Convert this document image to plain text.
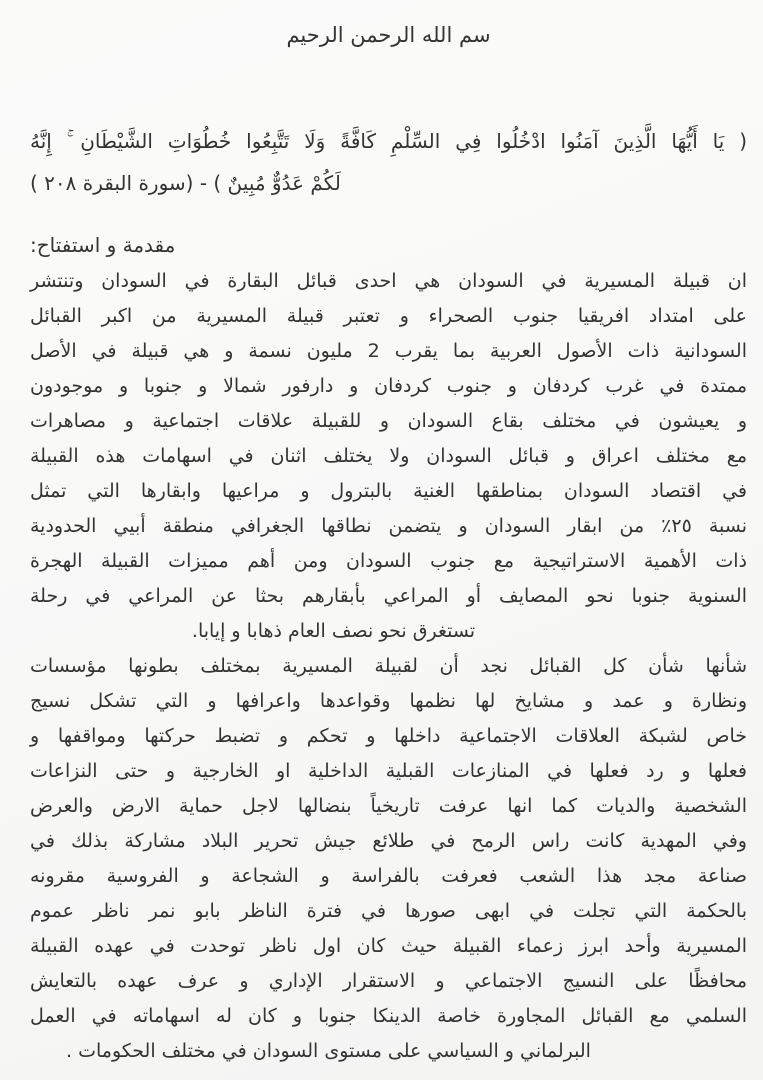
سم الله الرحمن الرحيم
( يَا أَيُّهَا الَّذِينَ آمَنُوا ادْخُلُوا فِي السِّلْمِ كَافَّةً وَلَا تَتَّبِعُوا خُطُوَاتِ الشَّيْطَانِ ۚ إِنَّهُ
لَكُمْ عَدُوٌّ مُبِينٌ ) - (سورة البقرة ٢٠٨ )
مقدمة و استفتاح:
ان قبيلة المسيرية في السودان هي احدى قبائل البقارة في السودان وتنتشر
على امتداد افريقيا جنوب الصحراء و تعتبر قبيلة المسيرية من اكبر القبائل
السودانية ذات الأصول العربية بما يقرب 2 مليون نسمة و هي قبيلة في الأصل
ممتدة في غرب كردفان و جنوب كردفان و دارفور شمالا و جنوبا و موجودون
و يعيشون في مختلف بقاع السودان و للقبيلة علاقات اجتماعية و مصاهرات
مع مختلف اعراق و قبائل السودان ولا يختلف اثنان في اسهامات هذه القبيلة
في اقتصاد السودان بمناطقها الغنية بالبترول و مراعيها وابقارها التي تمثل
نسبة ٢٥٪ من ابقار السودان و يتضمن نطاقها الجغرافي منطقة أبيي الحدودية
ذات الأهمية الاستراتيجية مع جنوب السودان ومن أهم مميزات القبيلة الهجرة
السنوية جنوبا نحو المصايف أو المراعي بأبقارهم بحثا عن المراعي في رحلة
تستغرق نحو نصف العام ذهابا و إيابا.
شأنها شأن كل القبائل نجد أن لقبيلة المسيرية بمختلف بطونها مؤسسات
ونظارة و عمد و مشايخ لها نظمها وقواعدها واعرافها و التي تشكل نسيج
خاص لشبكة العلاقات الاجتماعية داخلها و تحكم و تضبط حركتها ومواقفها و
فعلها و رد فعلها في المنازعات القبلية الداخلية او الخارجية و حتى النزاعات
الشخصية والديات كما انها عرفت تاريخياً بنضالها لاجل حماية الارض والعرض
وفي المهدية كانت راس الرمح في طلائع جيش تحرير البلاد مشاركة بذلك في
صناعة مجد هذا الشعب فعرفت بالفراسة و الشجاعة و الفروسية مقرونه
بالحكمة التي تجلت في ابهى صورها في فترة الناظر بابو نمر ناظر عموم
المسيرية وأحد ابرز زعماء القبيلة حيث كان اول ناظر توحدت في عهده القبيلة
محافظًا على النسيج الاجتماعي و الاستقرار الإداري و عرف عهده بالتعايش
السلمي مع القبائل المجاورة خاصة الدينكا جنوبا و كان له اسهاماته في العمل
البرلماني و السياسي على مستوى السودان في مختلف الحكومات .
